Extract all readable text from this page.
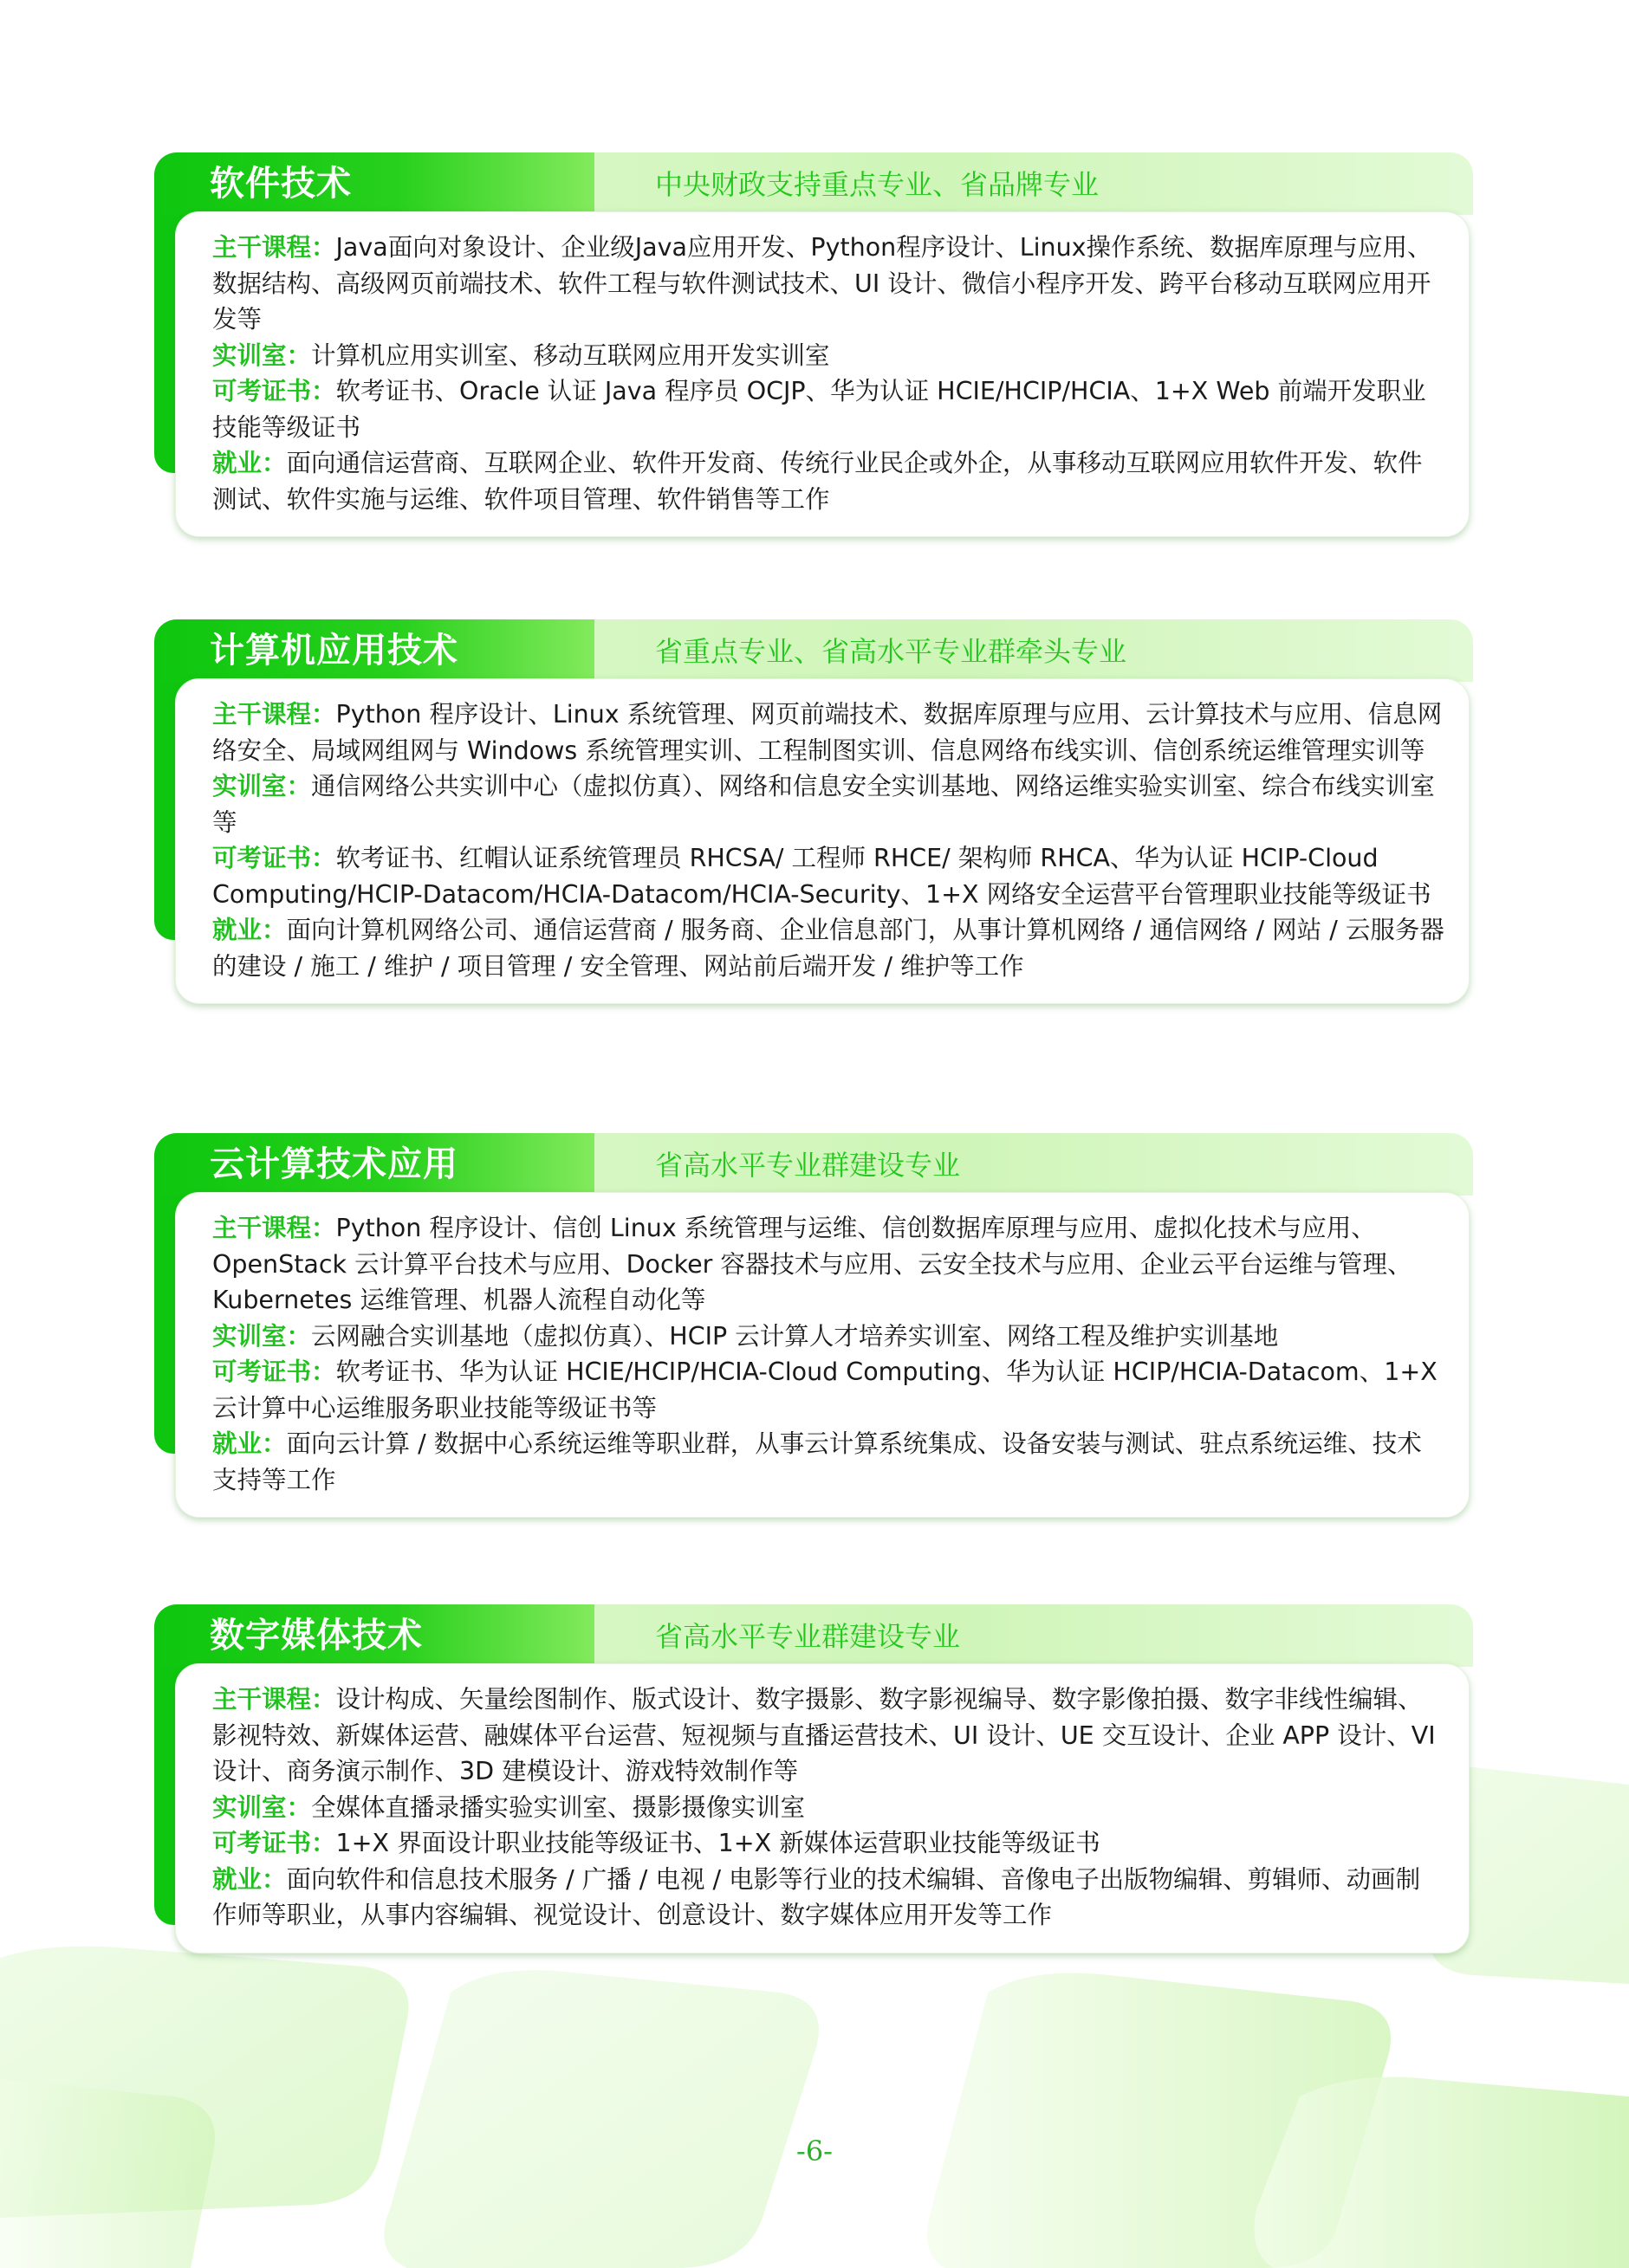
软件技术	中央财政支持重点专业、省品牌专业

主干课程：Java面向对象设计、企业级Java应用开发、Python程序设计、Linux操作系统、数据库原理与应用、数据结构、高级网页前端技术、软件工程与软件测试技术、UI 设计、微信小程序开发、跨平台移动互联网应用开发等

实训室：计算机应用实训室、移动互联网应用开发实训室

可考证书：软考证书、Oracle 认证 Java 程序员 OCJP、华为认证 HCIE/HCIP/HCIA、1+X Web 前端开发职业技能等级证书

就业：面向通信运营商、互联网企业、软件开发商、传统行业民企或外企，从事移动互联网应用软件开发、软件测试、软件实施与运维、软件项目管理、软件销售等工作

计算机应用技术	省重点专业、省高水平专业群牵头专业

主干课程：Python 程序设计、Linux 系统管理、网页前端技术、数据库原理与应用、云计算技术与应用、信息网络安全、局域网组网与 Windows 系统管理实训、工程制图实训、信息网络布线实训、信创系统运维管理实训等

实训室：通信网络公共实训中心（虚拟仿真）、网络和信息安全实训基地、网络运维实验实训室、综合布线实训室等

可考证书：软考证书、红帽认证系统管理员 RHCSA/ 工程师 RHCE/ 架构师 RHCA、华为认证 HCIP-Cloud Computing/HCIP-Datacom/HCIA-Datacom/HCIA-Security、1+X 网络安全运营平台管理职业技能等级证书

就业：面向计算机网络公司、通信运营商 / 服务商、企业信息部门，从事计算机网络 / 通信网络 / 网站 / 云服务器的建设 / 施工 / 维护 / 项目管理 / 安全管理、网站前后端开发 / 维护等工作

云计算技术应用	省高水平专业群建设专业

主干课程：Python 程序设计、信创 Linux 系统管理与运维、信创数据库原理与应用、虚拟化技术与应用、OpenStack 云计算平台技术与应用、Docker 容器技术与应用、云安全技术与应用、企业云平台运维与管理、Kubernetes 运维管理、机器人流程自动化等

实训室：云网融合实训基地（虚拟仿真）、HCIP 云计算人才培养实训室、网络工程及维护实训基地

可考证书：软考证书、华为认证 HCIE/HCIP/HCIA-Cloud Computing、华为认证 HCIP/HCIA-Datacom、1+X 云计算中心运维服务职业技能等级证书等

就业：面向云计算 / 数据中心系统运维等职业群，从事云计算系统集成、设备安装与测试、驻点系统运维、技术支持等工作

数字媒体技术	省高水平专业群建设专业

主干课程：设计构成、矢量绘图制作、版式设计、数字摄影、数字影视编导、数字影像拍摄、数字非线性编辑、影视特效、新媒体运营、融媒体平台运营、短视频与直播运营技术、UI 设计、UE 交互设计、企业 APP 设计、VI 设计、商务演示制作、3D 建模设计、游戏特效制作等

实训室：全媒体直播录播实验实训室、摄影摄像实训室

可考证书：1+X 界面设计职业技能等级证书、1+X 新媒体运营职业技能等级证书

就业：面向软件和信息技术服务 / 广播 / 电视 / 电影等行业的技术编辑、音像电子出版物编辑、剪辑师、动画制作师等职业，从事内容编辑、视觉设计、创意设计、数字媒体应用开发等工作

-6-
